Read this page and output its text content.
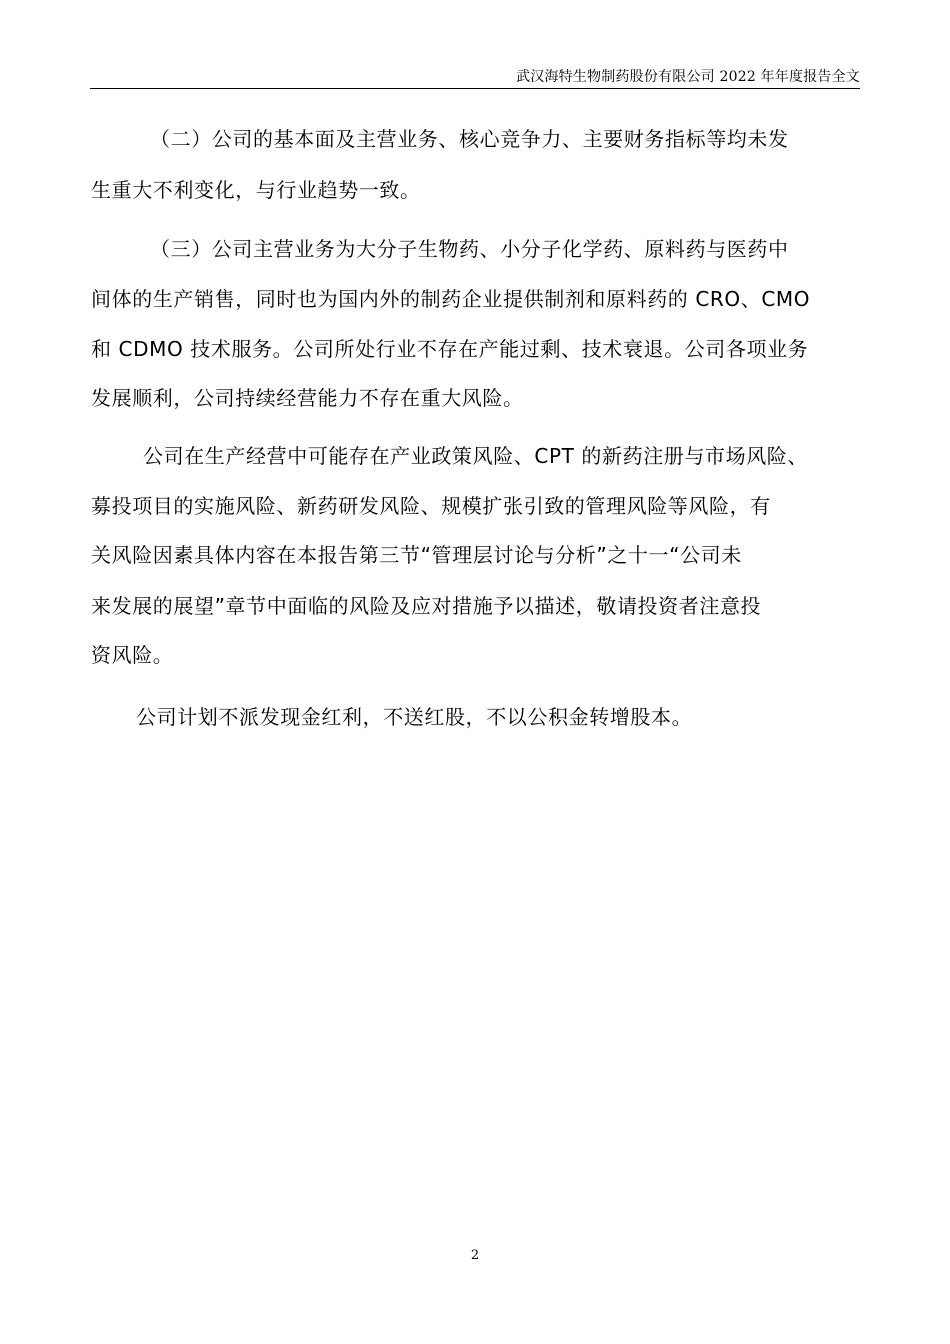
武汉海特生物制药股份有限公司 2022 年年度报告全文
（二）公司的基本面及主营业务、核心竞争力、主要财务指标等均未发
生重大不利变化，与行业趋势一致。
（三）公司主营业务为大分子生物药、小分子化学药、原料药与医药中
间体的生产销售，同时也为国内外的制药企业提供制剂和原料药的 CRO、CMO
和 CDMO 技术服务。公司所处行业不存在产能过剩、技术衰退。公司各项业务
发展顺利，公司持续经营能力不存在重大风险。
公司在生产经营中可能存在产业政策风险、CPT 的新药注册与市场风险、
募投项目的实施风险、新药研发风险、规模扩张引致的管理风险等风险，有
关风险因素具体内容在本报告第三节“管理层讨论与分析”之十一“公司未
来发展的展望”章节中面临的风险及应对措施予以描述，敬请投资者注意投
资风险。
公司计划不派发现金红利，不送红股，不以公积金转增股本。
2
